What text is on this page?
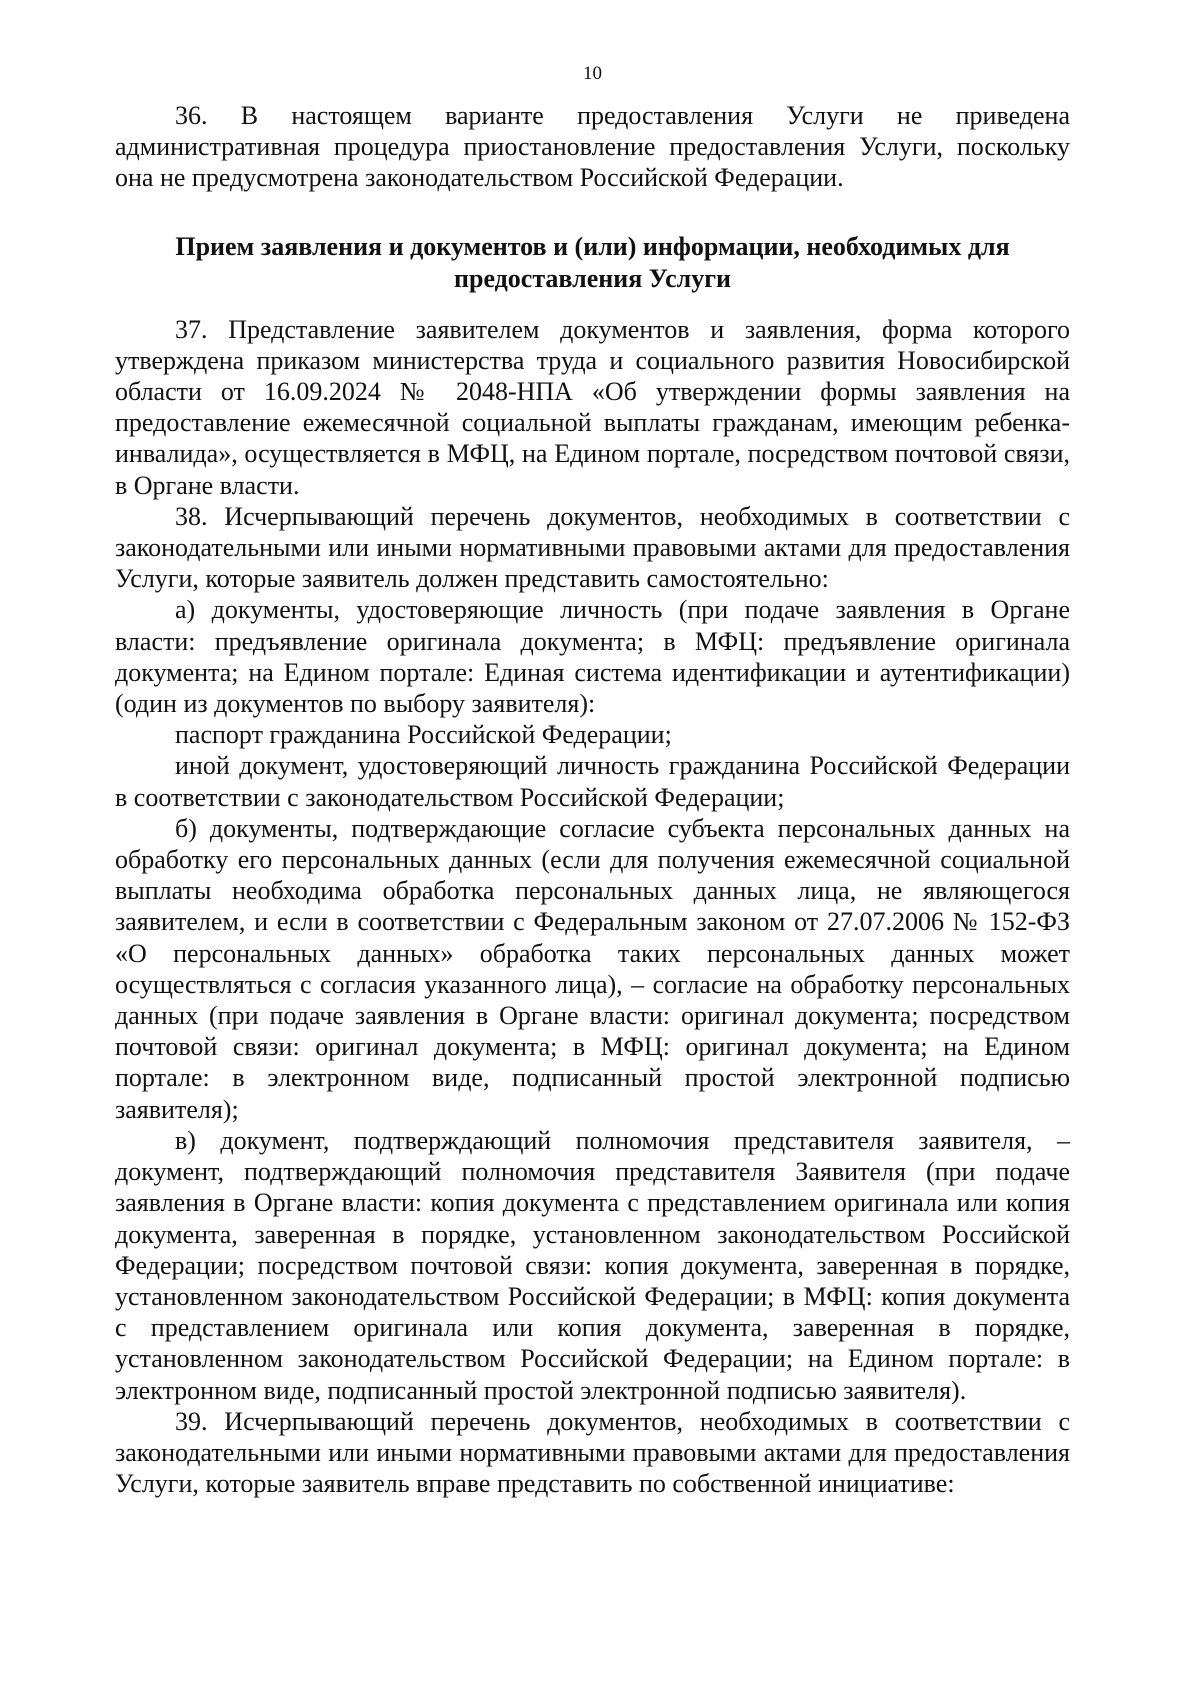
10

36. В настоящем варианте предоставления Услуги не приведена административная процедура приостановление предоставления Услуги, поскольку она не предусмотрена законодательством Российской Федерации.

Прием заявления и документов и (или) информации, необходимых для
предоставления Услуги

37. Представление заявителем документов и заявления, форма которого утверждена приказом министерства труда и социального развития Новосибирской области от 16.09.2024 № 2048-НПА «Об утверждении формы заявления на предоставление ежемесячной социальной выплаты гражданам, имеющим ребенка-инвалида», осуществляется в МФЦ, на Едином портале, посредством почтовой связи, в Органе власти.

38. Исчерпывающий перечень документов, необходимых в соответствии с законодательными или иными нормативными правовыми актами для предоставления Услуги, которые заявитель должен представить самостоятельно:

а) документы, удостоверяющие личность (при подаче заявления в Органе власти: предъявление оригинала документа; в МФЦ: предъявление оригинала документа; на Едином портале: Единая система идентификации и аутентификации) (один из документов по выбору заявителя):

паспорт гражданина Российской Федерации;

иной документ, удостоверяющий личность гражданина Российской Федерации в соответствии с законодательством Российской Федерации;

б) документы, подтверждающие согласие субъекта персональных данных на обработку его персональных данных (если для получения ежемесячной социальной выплаты необходима обработка персональных данных лица, не являющегося заявителем, и если в соответствии с Федеральным законом от 27.07.2006 № 152-ФЗ «О персональных данных» обработка таких персональных данных может осуществляться с согласия указанного лица), – согласие на обработку персональных данных (при подаче заявления в Органе власти: оригинал документа; посредством почтовой связи: оригинал документа; в МФЦ: оригинал документа; на Едином портале: в электронном виде, подписанный простой электронной подписью заявителя);

в) документ, подтверждающий полномочия представителя заявителя, – документ, подтверждающий полномочия представителя Заявителя (при подаче заявления в Органе власти: копия документа с представлением оригинала или копия документа, заверенная в порядке, установленном законодательством Российской Федерации; посредством почтовой связи: копия документа, заверенная в порядке, установленном законодательством Российской Федерации; в МФЦ: копия документа с представлением оригинала или копия документа, заверенная в порядке, установленном законодательством Российской Федерации; на Едином портале: в электронном виде, подписанный простой электронной подписью заявителя).

39. Исчерпывающий перечень документов, необходимых в соответствии с законодательными или иными нормативными правовыми актами для предоставления Услуги, которые заявитель вправе представить по собственной инициативе:
